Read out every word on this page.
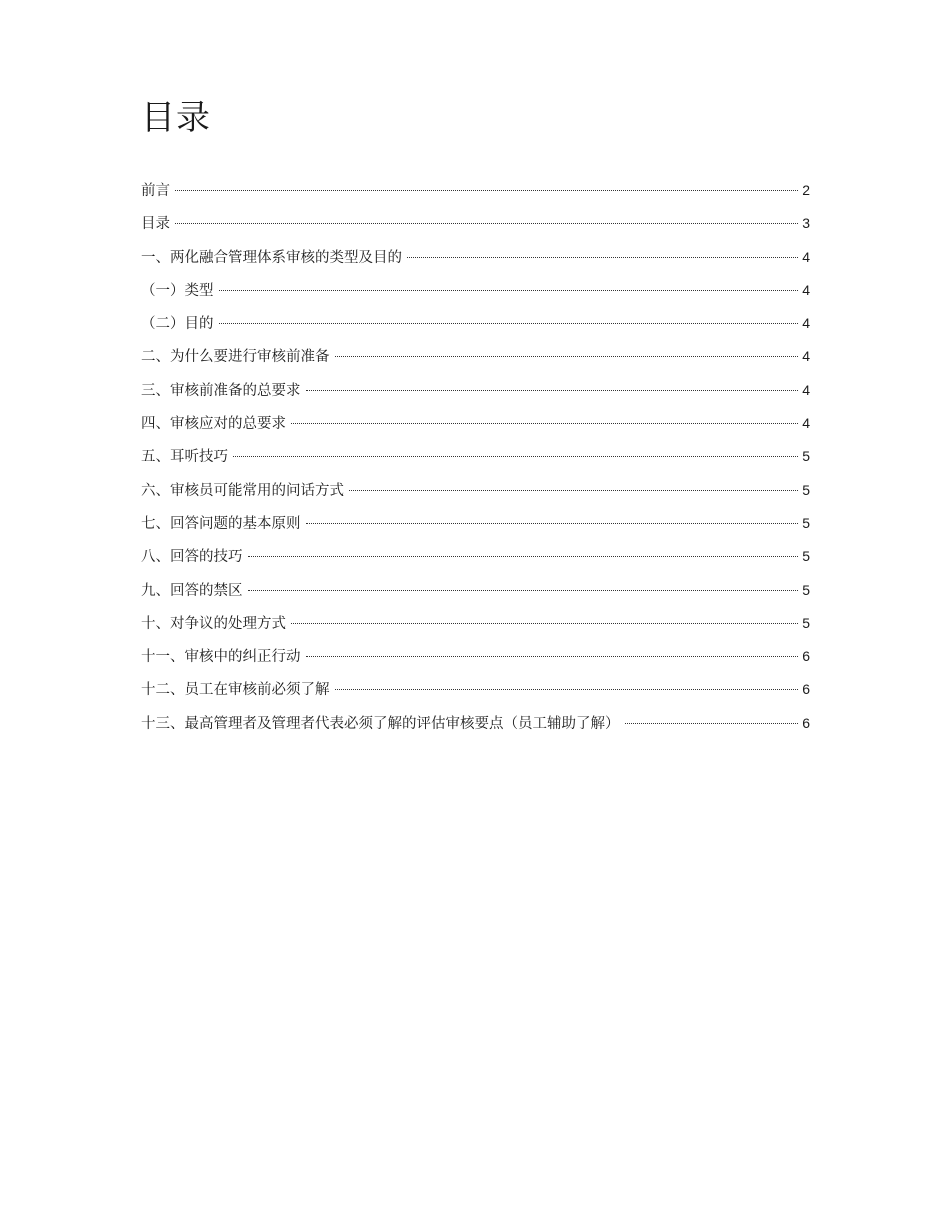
目录
前言	2
目录	3
一、两化融合管理体系审核的类型及目的	4
（一）类型	4
（二）目的	4
二、为什么要进行审核前准备	4
三、审核前准备的总要求	4
四、审核应对的总要求	4
五、耳听技巧	5
六、审核员可能常用的问话方式	5
七、回答问题的基本原则	5
八、回答的技巧	5
九、回答的禁区	5
十、对争议的处理方式	5
十一、审核中的纠正行动	6
十二、员工在审核前必须了解	6
十三、最高管理者及管理者代表必须了解的评估审核要点（员工辅助了解）	6
